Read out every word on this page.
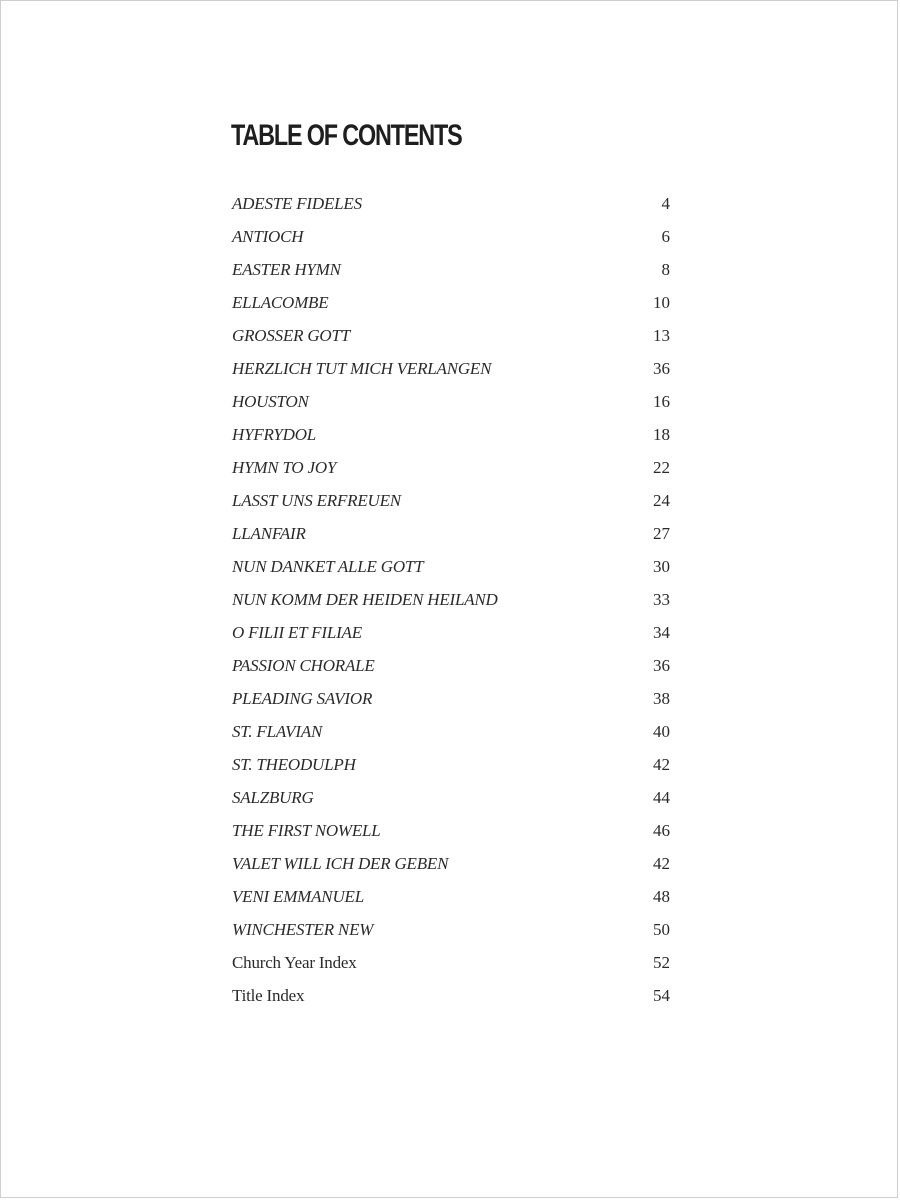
TABLE OF CONTENTS
ADESTE FIDELES	4
ANTIOCH	6
EASTER HYMN	8
ELLACOMBE	10
GROSSER GOTT	13
HERZLICH TUT MICH VERLANGEN	36
HOUSTON	16
HYFRYDOL	18
HYMN TO JOY	22
LASST UNS ERFREUEN	24
LLANFAIR	27
NUN DANKET ALLE GOTT	30
NUN KOMM DER HEIDEN HEILAND	33
O FILII ET FILIAE	34
PASSION CHORALE	36
PLEADING SAVIOR	38
ST. FLAVIAN	40
ST. THEODULPH	42
SALZBURG	44
THE FIRST NOWELL	46
VALET WILL ICH DER GEBEN	42
VENI EMMANUEL	48
WINCHESTER NEW	50
Church Year Index	52
Title Index	54
